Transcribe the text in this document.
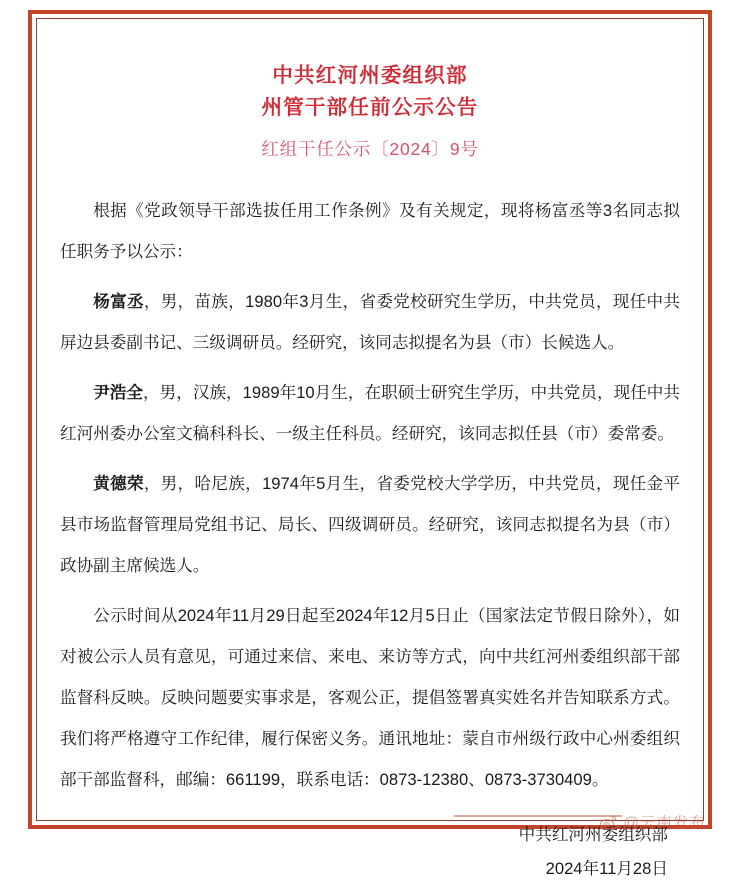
中共红河州委组织部
州管干部任前公示公告
红组干任公示〔2024〕9号

根据《党政领导干部选拔任用工作条例》及有关规定，现将杨富丞等3名同志拟任职务予以公示：

杨富丞，男，苗族，1980年3月生，省委党校研究生学历，中共党员，现任中共屏边县委副书记、三级调研员。经研究，该同志拟提名为县（市）长候选人。

尹浩全，男，汉族，1989年10月生，在职硕士研究生学历，中共党员，现任中共红河州委办公室文稿科科长、一级主任科员。经研究，该同志拟任县（市）委常委。

黄德荣，男，哈尼族，1974年5月生，省委党校大学学历，中共党员，现任金平县市场监督管理局党组书记、局长、四级调研员。经研究，该同志拟提名为县（市）政协副主席候选人。

公示时间从2024年11月29日起至2024年12月5日止（国家法定节假日除外），如对被公示人员有意见，可通过来信、来电、来访等方式，向中共红河州委组织部干部监督科反映。反映问题要实事求是，客观公正，提倡签署真实姓名并告知联系方式。我们将严格遵守工作纪律，履行保密义务。通讯地址：蒙自市州级行政中心州委组织部干部监督科，邮编：661199，联系电话：0873-12380、0873-3730409。

中共红河州委组织部
2024年11月28日
@云南发布
